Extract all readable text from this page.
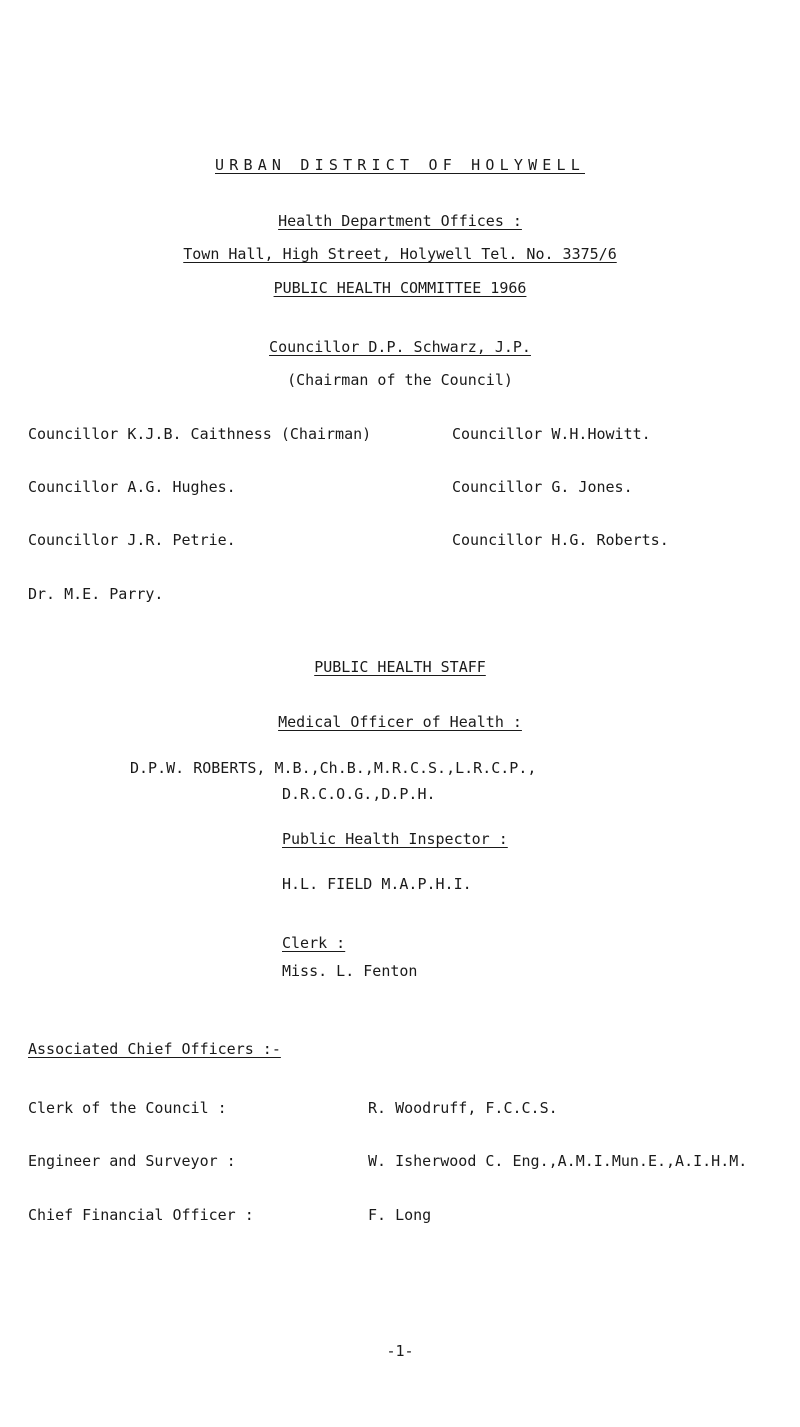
URBAN DISTRICT OF HOLYWELL
Health Department Offices :
Town Hall, High Street, Holywell Tel. No. 3375/6
PUBLIC HEALTH COMMITTEE 1966
Councillor D.P. Schwarz, J.P.
(Chairman of the Council)
Councillor K.J.B. Caithness (Chairman)	Councillor W.H.Howitt.
Councillor A.G. Hughes.	Councillor G. Jones.
Councillor J.R. Petrie.	Councillor H.G. Roberts.
Dr. M.E. Parry.
PUBLIC HEALTH STAFF
Medical Officer of Health :
D.P.W. ROBERTS, M.B.,Ch.B.,M.R.C.S.,L.R.C.P.,
D.R.C.O.G.,D.P.H.
Public Health Inspector :
H.L. FIELD M.A.P.H.I.
Clerk :
Miss. L. Fenton
Associated Chief Officers :-
Clerk of the Council :	R. Woodruff, F.C.C.S.
Engineer and Surveyor :	W. Isherwood C. Eng.,A.M.I.Mun.E.,A.I.H.M.
Chief Financial Officer :	F. Long
-1-
